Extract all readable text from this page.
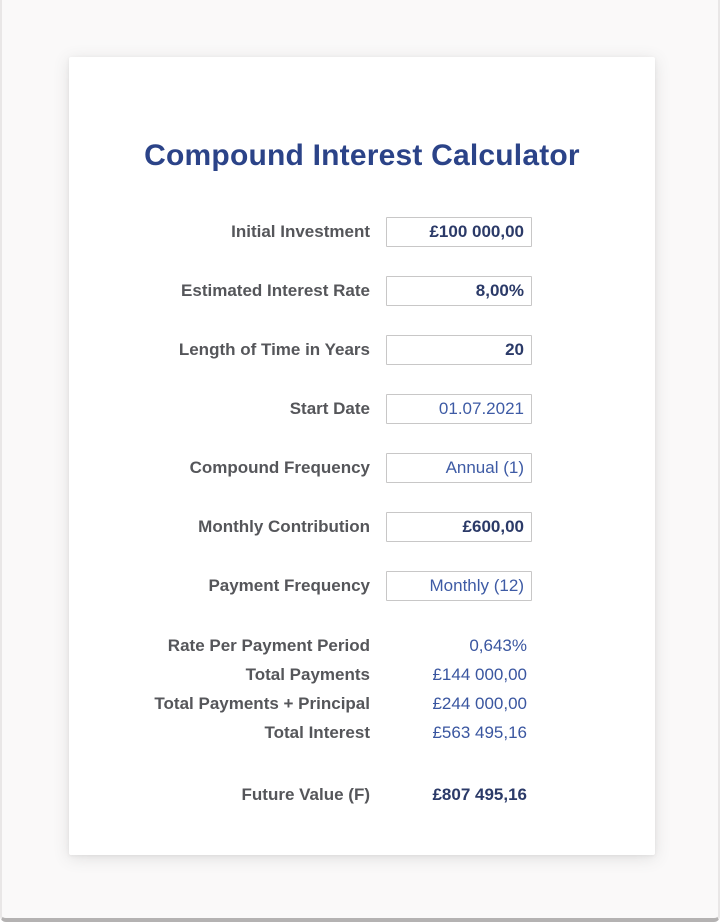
Compound Interest Calculator
Initial Investment	£100 000,00
Estimated Interest Rate	8,00%
Length of Time in Years	20
Start Date	01.07.2021
Compound Frequency	Annual (1)
Monthly Contribution	£600,00
Payment Frequency	Monthly (12)
Rate Per Payment Period	0,643%
Total Payments	£144 000,00
Total Payments + Principal	£244 000,00
Total Interest	£563 495,16
Future Value (F)	£807 495,16
